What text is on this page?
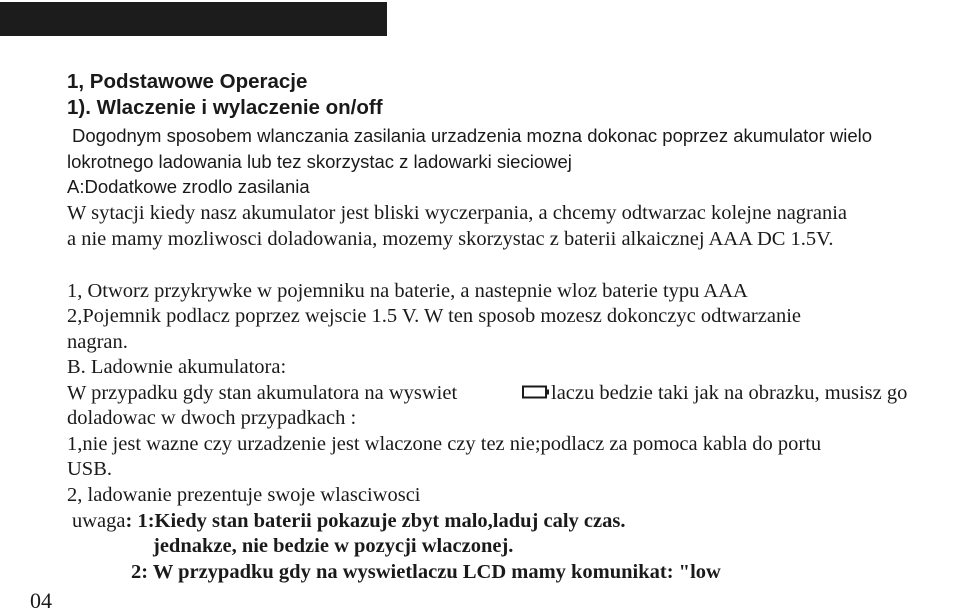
1, Podstawowe Operacje
1). Wlaczenie i wylaczenie on/off
Dogodnym sposobem wlanczania zasilania urzadzenia mozna dokonac poprzez akumulator wielo
lokrotnego ladowania lub tez skorzystac z ladowarki sieciowej
A:Dodatkowe zrodlo zasilania
W sytacji kiedy nasz akumulator jest bliski wyczerpania, a chcemy odtwarzac kolejne nagrania
a nie mamy mozliwosci doladowania, mozemy skorzystac z baterii alkaicznej AAA DC 1.5V.
1, Otworz przykrywke w pojemniku na baterie, a nastepnie wloz baterie typu AAA
2,Pojemnik podlacz poprzez wejscie 1.5 V. W ten sposob mozesz dokonczyc odtwarzanie
nagran.
B. Ladownie akumulatora:
W przypadku gdy stan akumulatora na wyswiet	laczu bedzie taki jak na obrazku, musisz go
doladowac w dwoch przypadkach :
1,nie jest wazne czy urzadzenie jest wlaczone czy tez nie;podlacz za pomoca kabla do portu
USB.
2, ladowanie prezentuje swoje wlasciwosci
uwaga: 1:Kiedy stan baterii pokazuje zbyt malo,laduj caly czas.
jednakze, nie bedzie w pozycji wlaczonej.
2: W przypadku gdy na wyswietlaczu LCD mamy komunikat: "low
04
